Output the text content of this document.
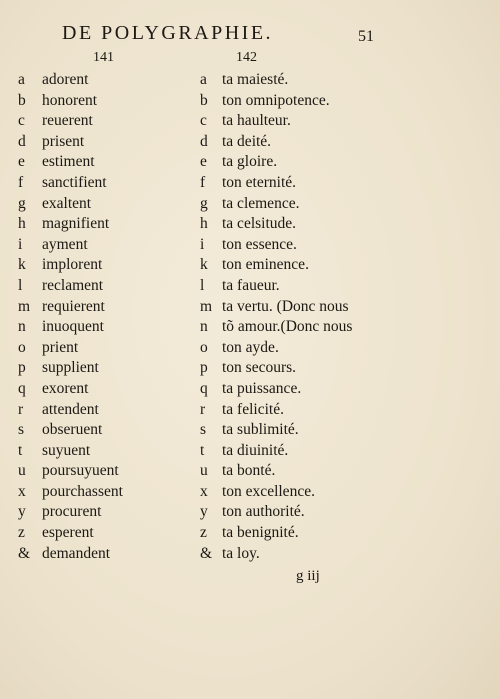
DE POLYGRAPHIE.	51
141	142
a adorent	a ta maiesté.
b honorent	b ton omnipotence.
c reuerent	c ta haulteur.
d prisent	d ta deité.
e estiment	e ta gloire.
f sanctifient	f ton eternité.
g exaltent	g ta clemence.
h magnifient	h ta celsitude.
i ayment	i ton essence.
k implorent	k ton eminence.
l reclament	l ta faueur.
m requierent	m ta vertu. (Donc nous
n inuoquent	n tõ amour.(Donc nous
o prient	o ton ayde.
p supplient	p ton secours.
q exorent	q ta puissance.
r attendent	r ta felicité.
s obseruent	s ta sublimité.
t suyuent	t ta diuinité.
u poursuyuent	u ta bonté.
x pourchassent	x ton excellence.
y procurent	y ton authorité.
z esperent	z ta benignité.
& demandent	& ta loy.
g iij
